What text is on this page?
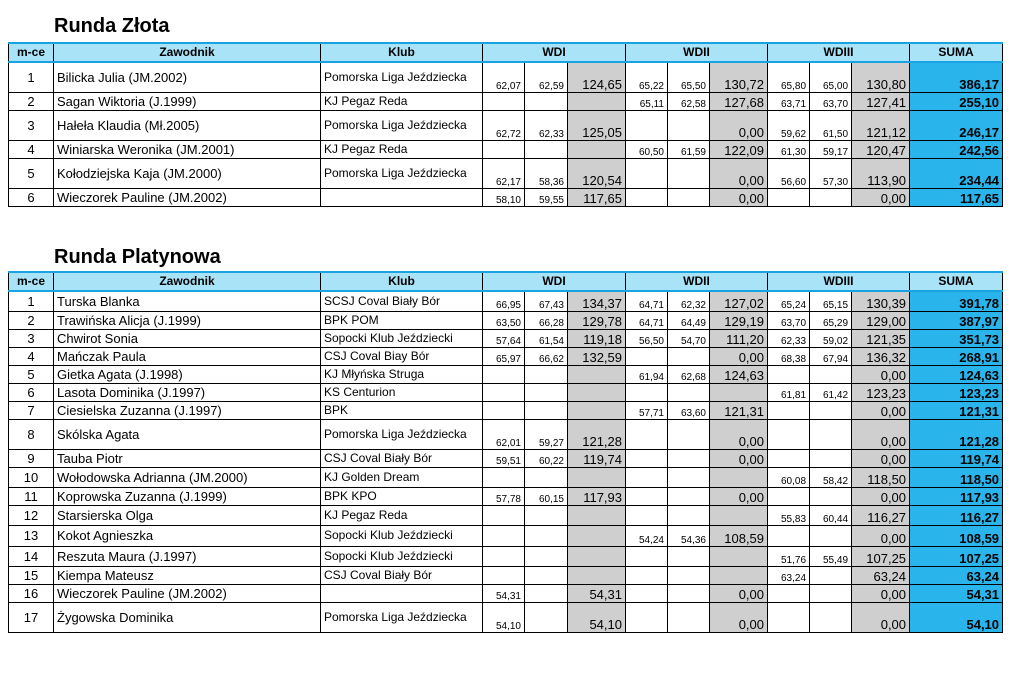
Runda Złota
m-ce	Zawodnik	Klub	WDI			WDII			WDIII			SUMA
1	Bilicka Julia (JM.2002)	Pomorska Liga Jeździecka	62,07	62,59	124,65	65,22	65,50	130,72	65,80	65,00	130,80	386,17
2	Sagan Wiktoria (J.1999)	KJ Pegaz Reda				65,11	62,58	127,68	63,71	63,70	127,41	255,10
3	Hałeła Klaudia (Mł.2005)	Pomorska Liga Jeździecka	62,72	62,33	125,05			0,00	59,62	61,50	121,12	246,17
4	Winiarska Weronika (JM.2001)	KJ Pegaz Reda				60,50	61,59	122,09	61,30	59,17	120,47	242,56
5	Kołodziejska Kaja (JM.2000)	Pomorska Liga Jeździecka	62,17	58,36	120,54			0,00	56,60	57,30	113,90	234,44
6	Wieczorek Pauline (JM.2002)		58,10	59,55	117,65			0,00			0,00	117,65
Runda Platynowa
m-ce	Zawodnik	Klub	WDI			WDII			WDIII			SUMA
1	Turska Blanka	SCSJ Coval Biały Bór	66,95	67,43	134,37	64,71	62,32	127,02	65,24	65,15	130,39	391,78
2	Trawińska Alicja (J.1999)	BPK POM	63,50	66,28	129,78	64,71	64,49	129,19	63,70	65,29	129,00	387,97
3	Chwirot Sonia	Sopocki Klub Jeździecki	57,64	61,54	119,18	56,50	54,70	111,20	62,33	59,02	121,35	351,73
4	Mańczak Paula	CSJ Coval Biay Bór	65,97	66,62	132,59			0,00	68,38	67,94	136,32	268,91
5	Gietka Agata (J.1998)	KJ Młyńska Struga				61,94	62,68	124,63			0,00	124,63
6	Lasota Dominika (J.1997)	KS Centurion							61,81	61,42	123,23	123,23
7	Ciesielska Zuzanna (J.1997)	BPK				57,71	63,60	121,31			0,00	121,31
8	Skólska Agata	Pomorska Liga Jeździecka	62,01	59,27	121,28			0,00			0,00	121,28
9	Tauba Piotr	CSJ Coval Biały Bór	59,51	60,22	119,74			0,00			0,00	119,74
10	Wołodowska Adrianna (JM.2000)	KJ Golden Dream							60,08	58,42	118,50	118,50
11	Koprowska Zuzanna (J.1999)	BPK KPO	57,78	60,15	117,93			0,00			0,00	117,93
12	Starsierska Olga	KJ Pegaz Reda							55,83	60,44	116,27	116,27
13	Kokot Agnieszka	Sopocki Klub Jeździecki				54,24	54,36	108,59			0,00	108,59
14	Reszuta Maura (J.1997)	Sopocki Klub Jeździecki							51,76	55,49	107,25	107,25
15	Kiempa Mateusz	CSJ Coval Biały Bór							63,24		63,24	63,24
16	Wieczorek Pauline (JM.2002)		54,31		54,31			0,00			0,00	54,31
17	Żygowska Dominika	Pomorska Liga Jeździecka	54,10		54,10			0,00			0,00	54,10
